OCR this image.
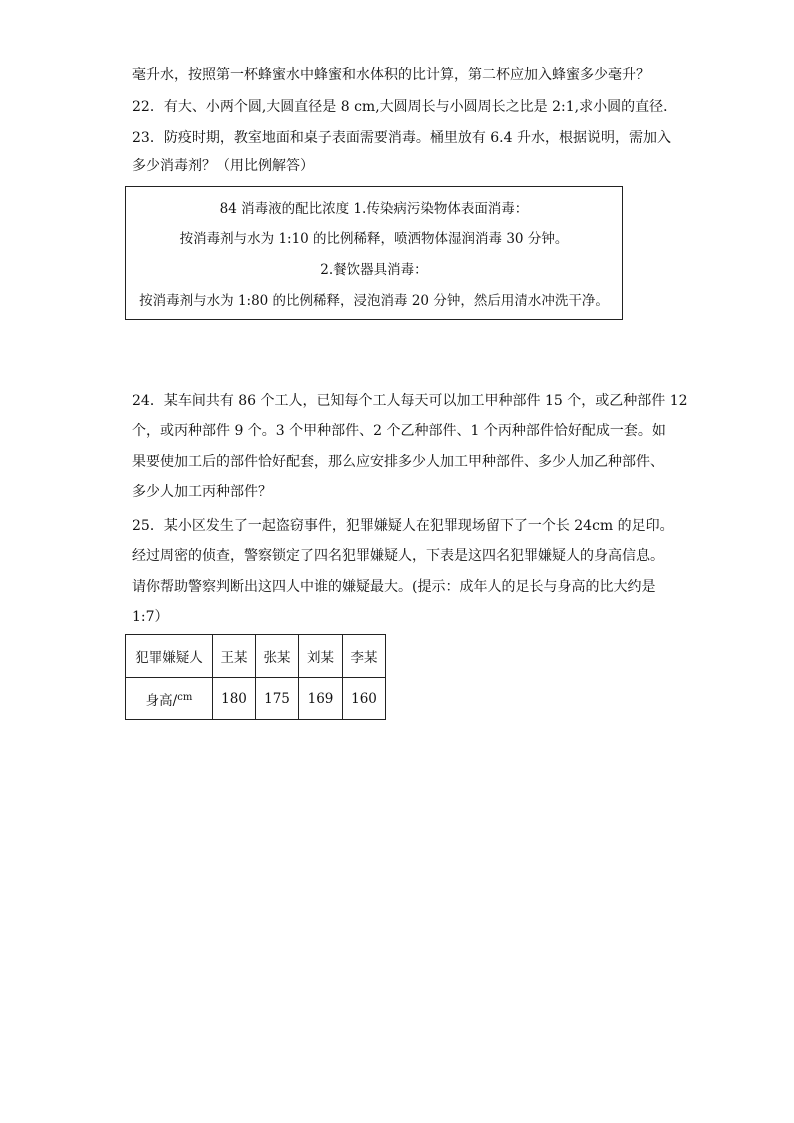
毫升水，按照第一杯蜂蜜水中蜂蜜和水体积的比计算，第二杯应加入蜂蜜多少毫升？
22．有大、小两个圆,大圆直径是 8 cm,大圆周长与小圆周长之比是 2:1,求小圆的直径．
23．防疫时期，教室地面和桌子表面需要消毒。桶里放有 6.4 升水，根据说明，需加入
多少消毒剂？（用比例解答）
84 消毒液的配比浓度 1.传染病污染物体表面消毒：
按消毒剂与水为 1:10 的比例稀释，喷洒物体湿润消毒 30 分钟。
2.餐饮器具消毒：
按消毒剂与水为 1:80 的比例稀释，浸泡消毒 20 分钟，然后用清水冲洗干净。
24．某车间共有 86 个工人，已知每个工人每天可以加工甲种部件 15 个，或乙种部件 12
个，或丙种部件 9 个。3 个甲种部件、2 个乙种部件、1 个丙种部件恰好配成一套。如
果要使加工后的部件恰好配套，那么应安排多少人加工甲种部件、多少人加乙种部件、
多少人加工丙种部件？
25．某小区发生了一起盗窃事件，犯罪嫌疑人在犯罪现场留下了一个长 24cm 的足印。
经过周密的侦查，警察锁定了四名犯罪嫌疑人，下表是这四名犯罪嫌疑人的身高信息。
请你帮助警察判断出这四人中谁的嫌疑最大。(提示：成年人的足长与身高的比大约是
1:7）
犯罪嫌疑人	王某	张某	刘某	李某
身高/$^{cm}$	180	175	169	160
